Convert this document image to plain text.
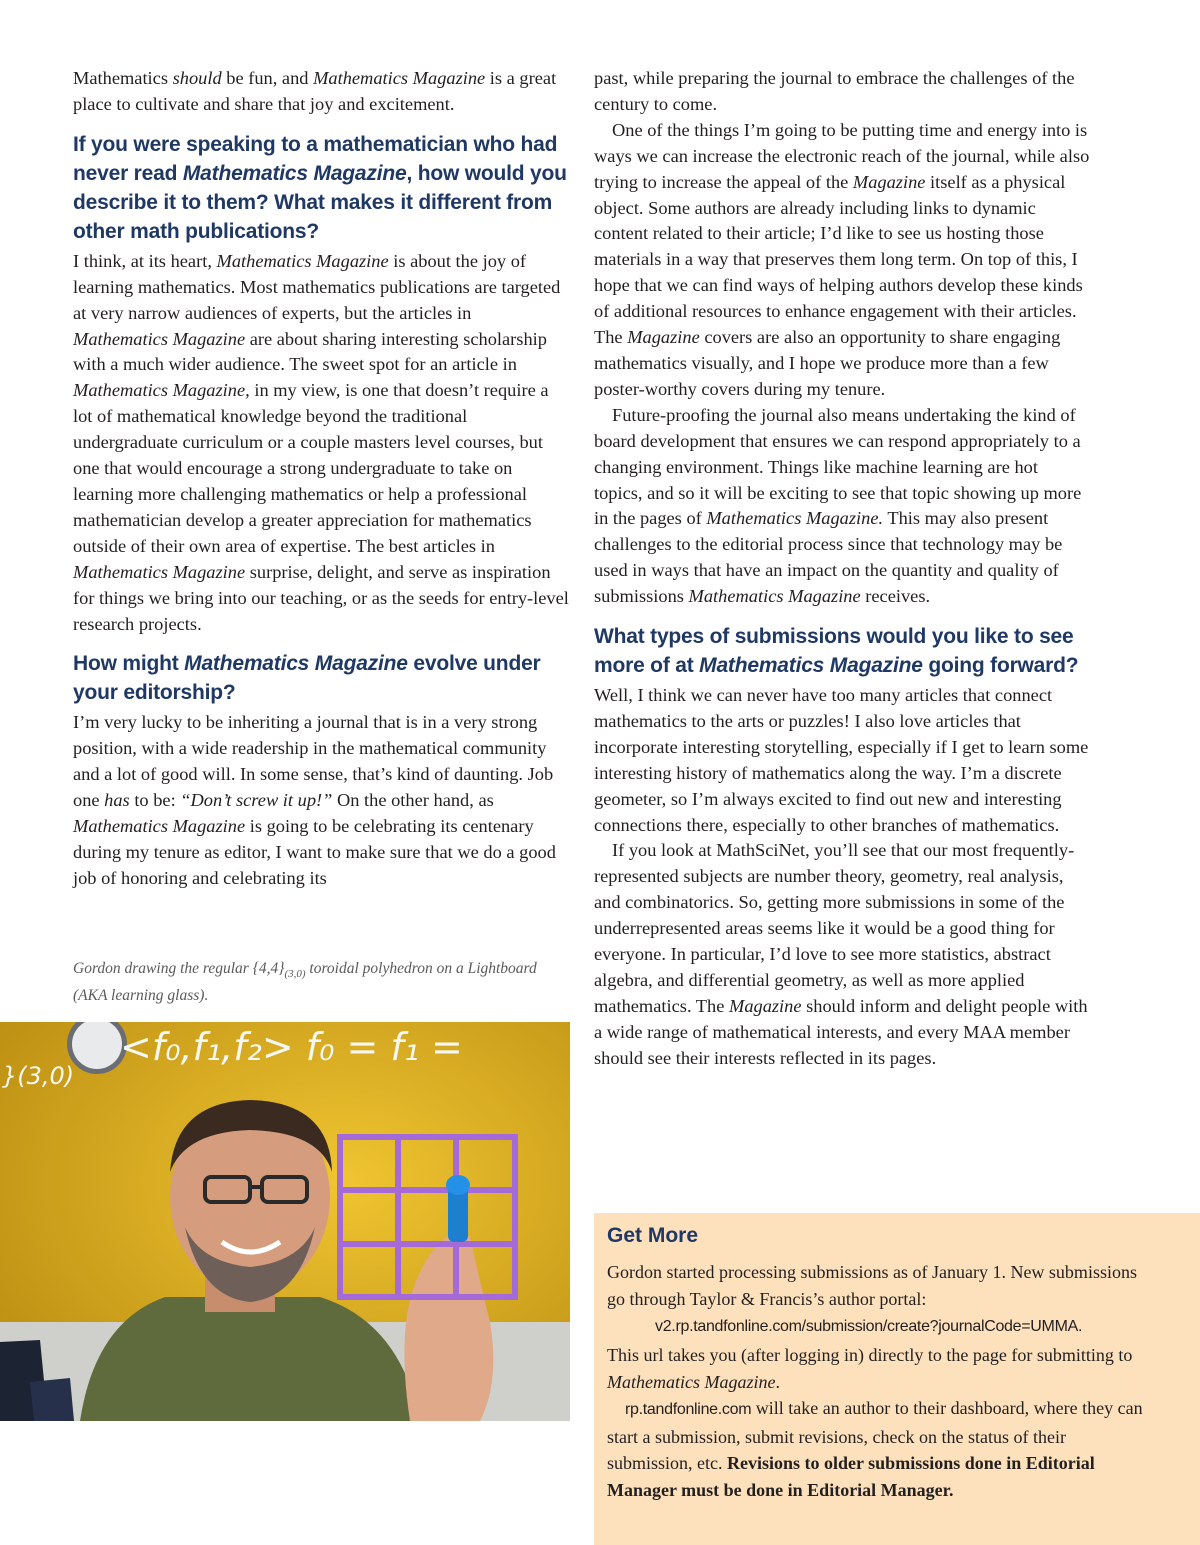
Mathematics should be fun, and Mathematics Magazine is a great place to cultivate and share that joy and excitement.

If you were speaking to a mathematician who had never read Mathematics Magazine, how would you describe it to them? What makes it different from other math publications?

I think, at its heart, Mathematics Magazine is about the joy of learning mathematics. Most mathematics publications are targeted at very narrow audiences of experts, but the articles in Mathematics Magazine are about sharing interesting scholarship with a much wider audience. The sweet spot for an article in Mathematics Magazine, in my view, is one that doesn’t require a lot of mathematical knowledge beyond the traditional undergraduate curriculum or a couple masters level courses, but one that would encourage a strong undergraduate to take on learning more challenging mathematics or help a professional mathematician develop a greater appreciation for mathematics outside of their own area of expertise. The best articles in Mathematics Magazine surprise, delight, and serve as inspiration for things we bring into our teaching, or as the seeds for entry-level research projects.

How might Mathematics Magazine evolve under your editorship?

I’m very lucky to be inheriting a journal that is in a very strong position, with a wide readership in the mathematical community and a lot of good will. In some sense, that’s kind of daunting. Job one has to be: “Don’t screw it up!” On the other hand, as Mathematics Magazine is going to be celebrating its centenary during my tenure as editor, I want to make sure that we do a good job of honoring and celebrating its

Gordon drawing the regular $\{4,4\}_{(3,0)}$ toroidal polyhedron on a Lightboard (AKA learning glass).
<f₀,f₁,f₂> f₀ = f₁ =
}(3,0)

past, while preparing the journal to embrace the challenges of the century to come.

One of the things I’m going to be putting time and energy into is ways we can increase the electronic reach of the journal, while also trying to increase the appeal of the Magazine itself as a physical object. Some authors are already including links to dynamic content related to their article; I’d like to see us hosting those materials in a way that preserves them long term. On top of this, I hope that we can find ways of helping authors develop these kinds of additional resources to enhance engagement with their articles. The Magazine covers are also an opportunity to share engaging mathematics visually, and I hope we produce more than a few poster-worthy covers during my tenure.

Future-proofing the journal also means undertaking the kind of board development that ensures we can respond appropriately to a changing environment. Things like machine learning are hot topics, and so it will be exciting to see that topic showing up more in the pages of Mathematics Magazine. This may also present challenges to the editorial process since that technology may be used in ways that have an impact on the quantity and quality of submissions Mathematics Magazine receives.

What types of submissions would you like to see more of at Mathematics Magazine going forward?

Well, I think we can never have too many articles that connect mathematics to the arts or puzzles! I also love articles that incorporate interesting storytelling, especially if I get to learn some interesting history of mathematics along the way. I’m a discrete geometer, so I’m always excited to find out new and interesting connections there, especially to other branches of mathematics.

If you look at MathSciNet, you’ll see that our most frequently-represented subjects are number theory, geometry, real analysis, and combinatorics. So, getting more submissions in some of the underrepresented areas seems like it would be a good thing for everyone. In particular, I’d love to see more statistics, abstract algebra, and differential geometry, as well as more applied mathematics. The Magazine should inform and delight people with a wide range of mathematical interests, and every MAA member should see their interests reflected in its pages.

Get More

Gordon started processing submissions as of January 1. New submissions go through Taylor & Francis’s author portal:

v2.rp.tandfonline.com/submission/create?journalCode=UMMA.

This url takes you (after logging in) directly to the page for submitting to Mathematics Magazine.

rp.tandfonline.com will take an author to their dashboard, where they can start a submission, submit revisions, check on the status of their submission, etc. Revisions to older submissions done in Editorial Manager must be done in Editorial Manager.
